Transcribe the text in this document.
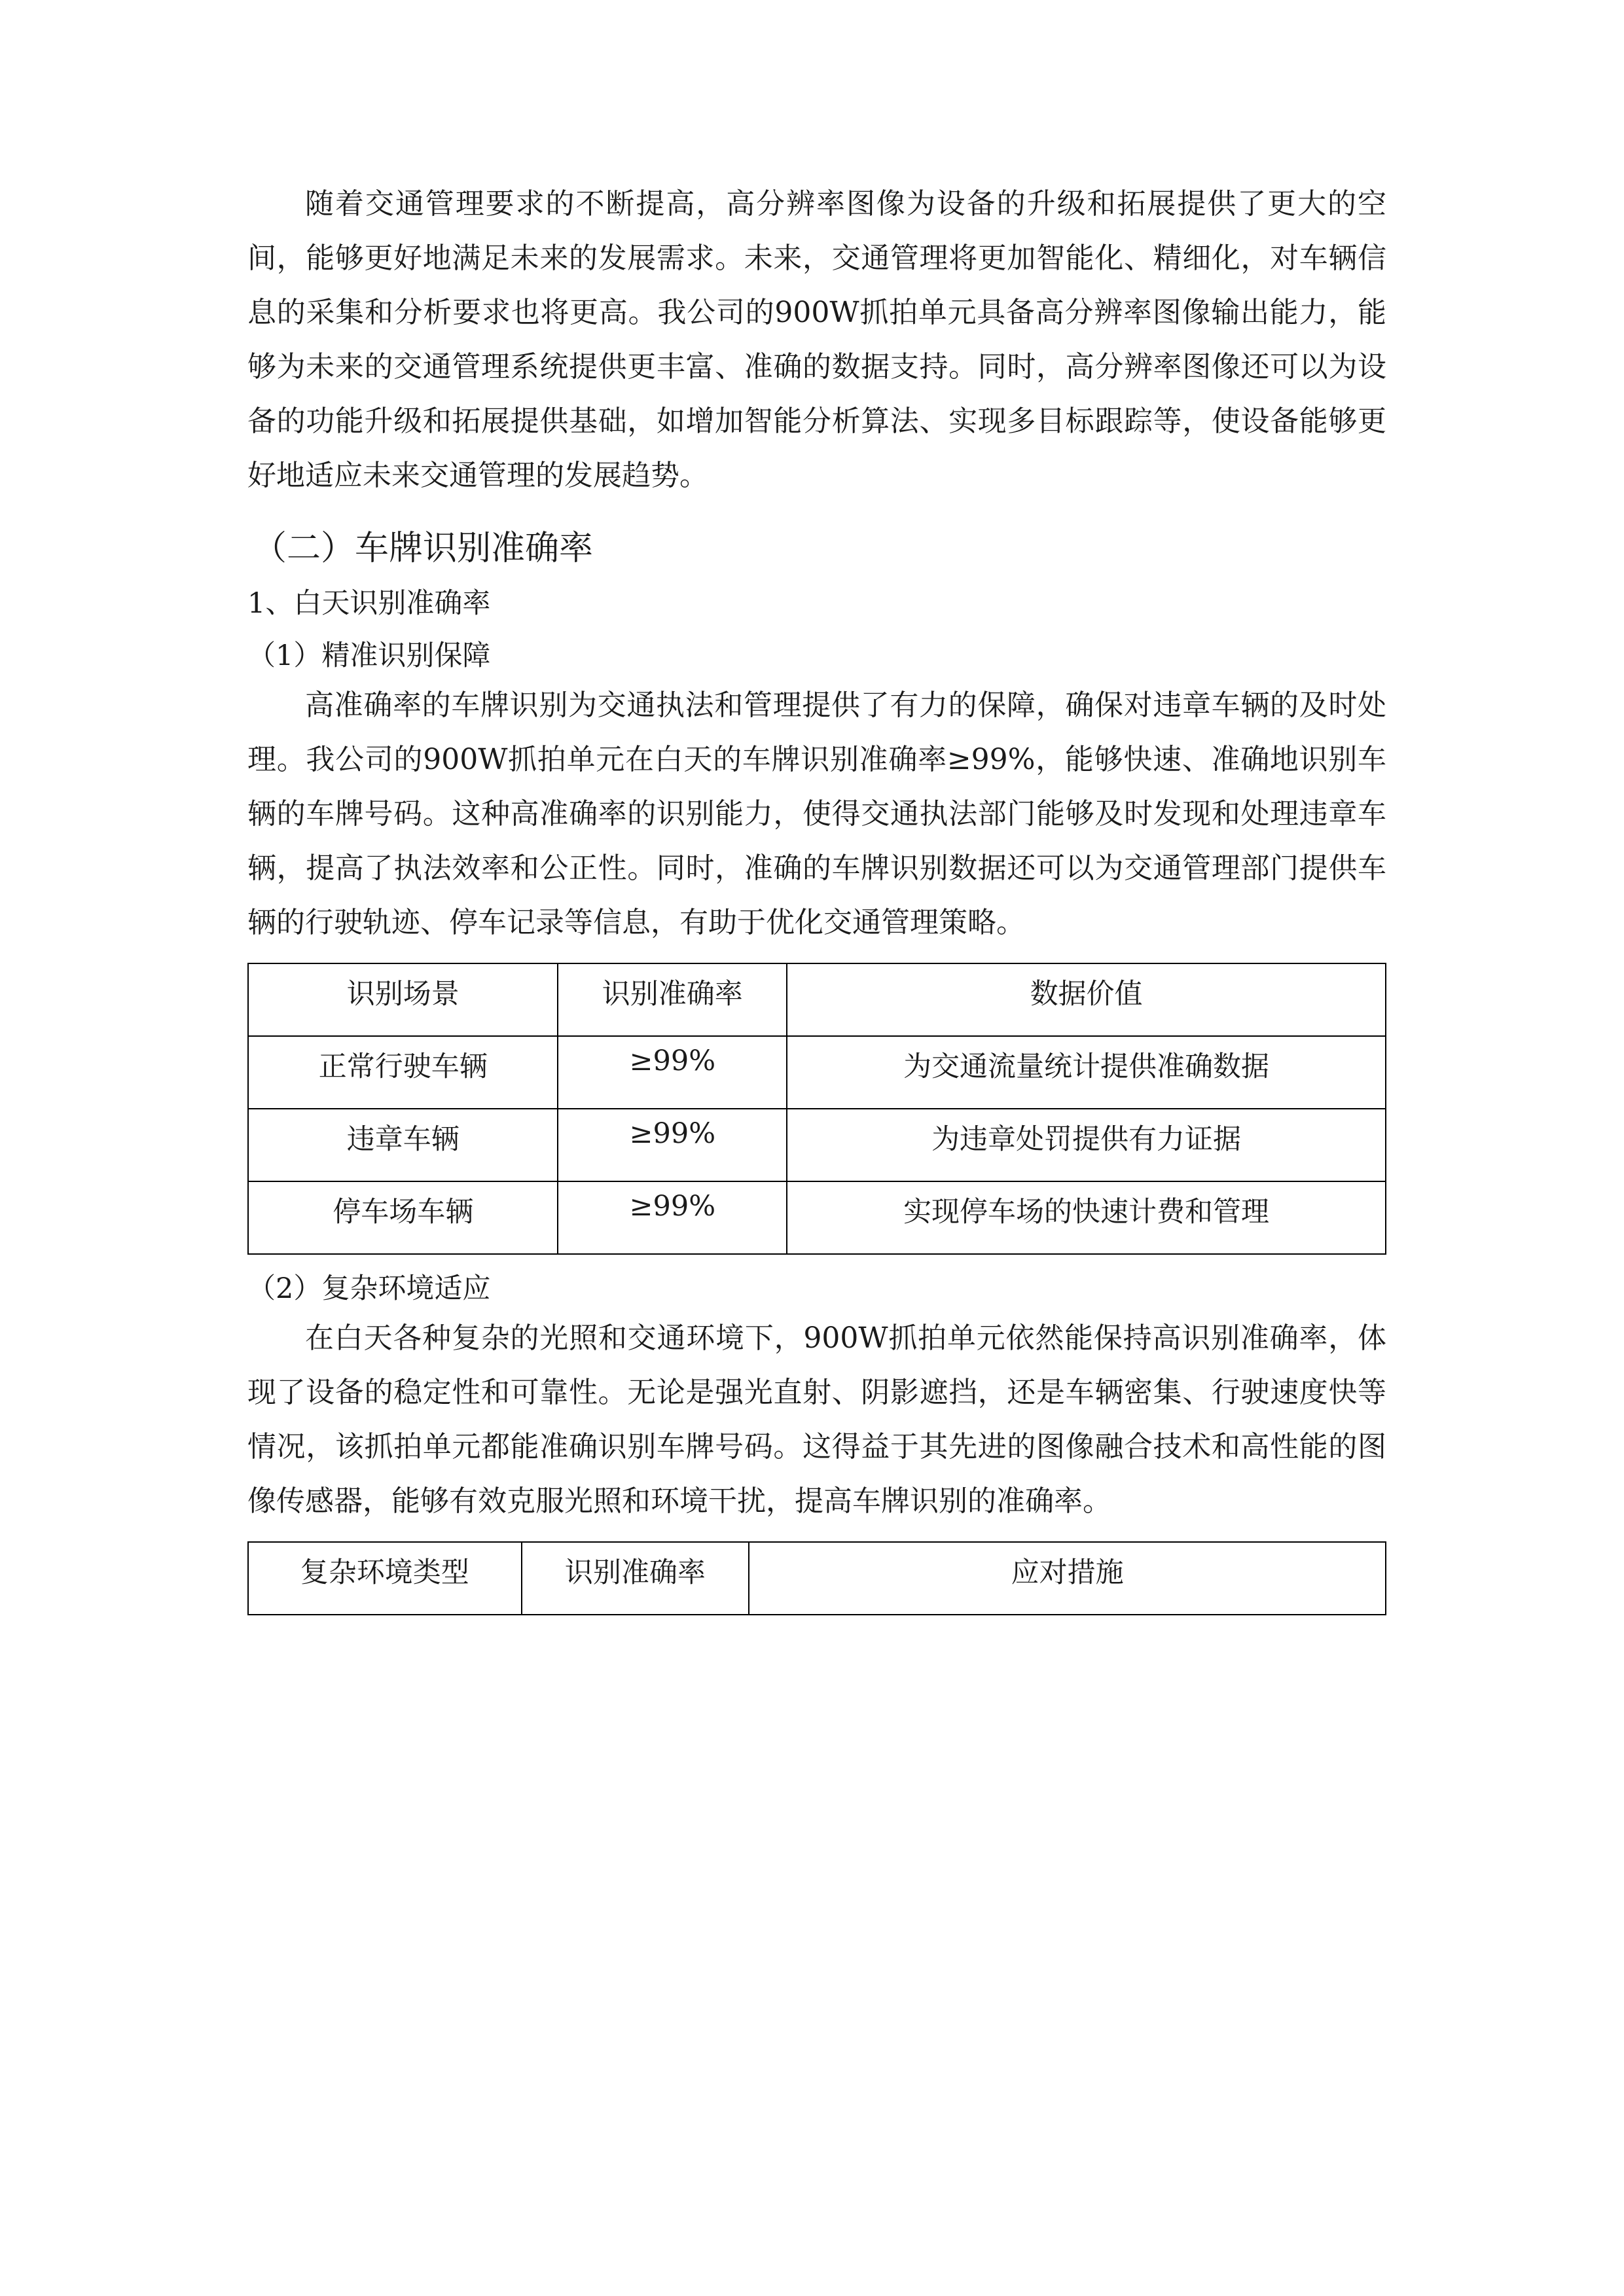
随着交通管理要求的不断提高，高分辨率图像为设备的升级和拓展提供了更大的空间，能够更好地满足未来的发展需求。未来，交通管理将更加智能化、精细化，对车辆信息的采集和分析要求也将更高。我公司的900W抓拍单元具备高分辨率图像输出能力，能够为未来的交通管理系统提供更丰富、准确的数据支持。同时，高分辨率图像还可以为设备的功能升级和拓展提供基础，如增加智能分析算法、实现多目标跟踪等，使设备能够更好地适应未来交通管理的发展趋势。

（二）车牌识别准确率
1、白天识别准确率
（1）精准识别保障

高准确率的车牌识别为交通执法和管理提供了有力的保障，确保对违章车辆的及时处理。我公司的900W抓拍单元在白天的车牌识别准确率≥99%，能够快速、准确地识别车辆的车牌号码。这种高准确率的识别能力，使得交通执法部门能够及时发现和处理违章车辆，提高了执法效率和公正性。同时，准确的车牌识别数据还可以为交通管理部门提供车辆的行驶轨迹、停车记录等信息，有助于优化交通管理策略。

识别场景	识别准确率	数据价值
正常行驶车辆	≥99%	为交通流量统计提供准确数据
违章车辆	≥99%	为违章处罚提供有力证据
停车场车辆	≥99%	实现停车场的快速计费和管理
（2）复杂环境适应

在白天各种复杂的光照和交通环境下，900W抓拍单元依然能保持高识别准确率，体现了设备的稳定性和可靠性。无论是强光直射、阴影遮挡，还是车辆密集、行驶速度快等情况，该抓拍单元都能准确识别车牌号码。这得益于其先进的图像融合技术和高性能的图像传感器，能够有效克服光照和环境干扰，提高车牌识别的准确率。

复杂环境类型	识别准确率	应对措施
